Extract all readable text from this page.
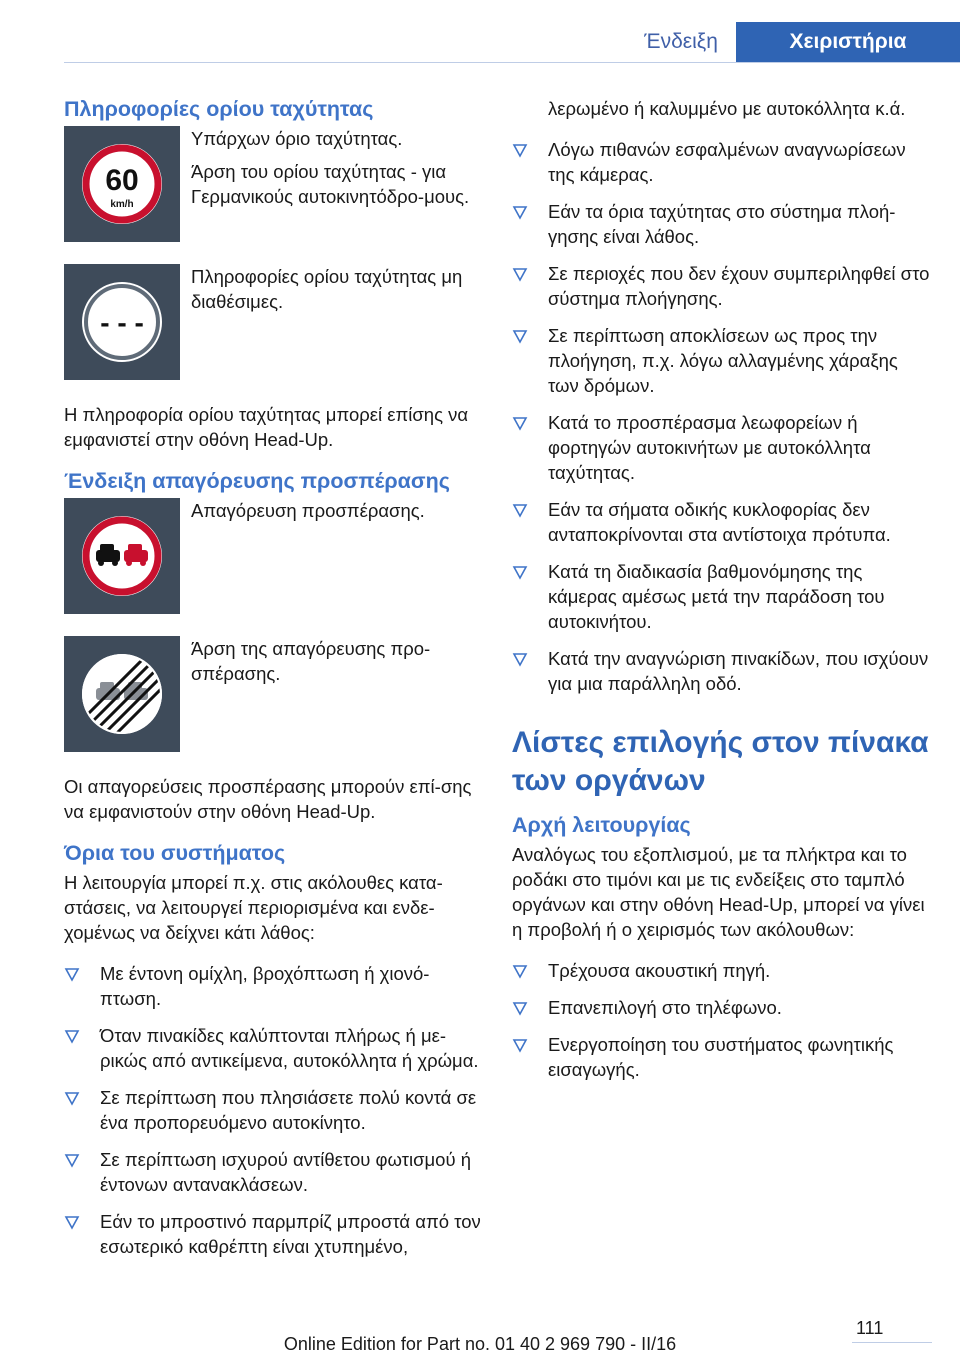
Ένδειξη	Χειριστήρια
Πληροφορίες ορίου ταχύτητας
60
km/h

Υπάρχων όριο ταχύτητας.

Άρση του ορίου ταχύτητας - για Γερμανικούς αυτοκινητόδρο-μους.

- - -

Πληροφορίες ορίου ταχύτητας μη διαθέσιμες.

Η πληροφορία ορίου ταχύτητας μπορεί επίσης να εμφανιστεί στην οθόνη Head-Up.

Ένδειξη απαγόρευσης προσπέρασης

Απαγόρευση προσπέρασης.

Άρση της απαγόρευσης προ-σπέρασης.

Οι απαγορεύσεις προσπέρασης μπορούν επί-σης να εμφανιστούν στην οθόνη Head-Up.

Όρια του συστήματος

Η λειτουργία μπορεί π.χ. στις ακόλουθες κατα-στάσεις, να λειτουργεί περιορισμένα και ενδε-χομένως να δείχνει κάτι λάθος:

Με έντονη ομίχλη, βροχόπτωση ή χιονό-πτωση.
Όταν πινακίδες καλύπτονται πλήρως ή με-ρικώς από αντικείμενα, αυτοκόλλητα ή χρώμα.
Σε περίπτωση που πλησιάσετε πολύ κοντά σε ένα προπορευόμενο αυτοκίνητο.
Σε περίπτωση ισχυρού αντίθετου φωτισμού ή έντονων αντανακλάσεων.
Εάν το μπροστινό παρμπρίζ μπροστά από τον εσωτερικό καθρέπτη είναι χτυπημένο,

λερωμένο ή καλυμμένο με αυτοκόλλητα κ.ά.

Λόγω πιθανών εσφαλμένων αναγνωρίσεων της κάμερας.
Εάν τα όρια ταχύτητας στο σύστημα πλοή-γησης είναι λάθος.
Σε περιοχές που δεν έχουν συμπεριληφθεί στο σύστημα πλοήγησης.
Σε περίπτωση αποκλίσεων ως προς την πλοήγηση, π.χ. λόγω αλλαγμένης χάραξης των δρόμων.
Κατά το προσπέρασμα λεωφορείων ή φορτηγών αυτοκινήτων με αυτοκόλλητα ταχύτητας.
Εάν τα σήματα οδικής κυκλοφορίας δεν ανταποκρίνονται στα αντίστοιχα πρότυπα.
Κατά τη διαδικασία βαθμονόμησης της κάμερας αμέσως μετά την παράδοση του αυτοκινήτου.
Κατά την αναγνώριση πινακίδων, που ισχύουν για μια παράλληλη οδό.
Λίστες επιλογής στον πίνακα των οργάνων
Αρχή λειτουργίας

Αναλόγως του εξοπλισμού, με τα πλήκτρα και το ροδάκι στο τιμόνι και με τις ενδείξεις στο ταμπλό οργάνων και στην οθόνη Head-Up, μπορεί να γίνει η προβολή ή ο χειρισμός των ακόλουθων:

Τρέχουσα ακουστική πηγή.
Επανεπιλογή στο τηλέφωνο.
Ενεργοποίηση του συστήματος φωνητικής εισαγωγής.
111
Online Edition for Part no. 01 40 2 969 790 - II/16
